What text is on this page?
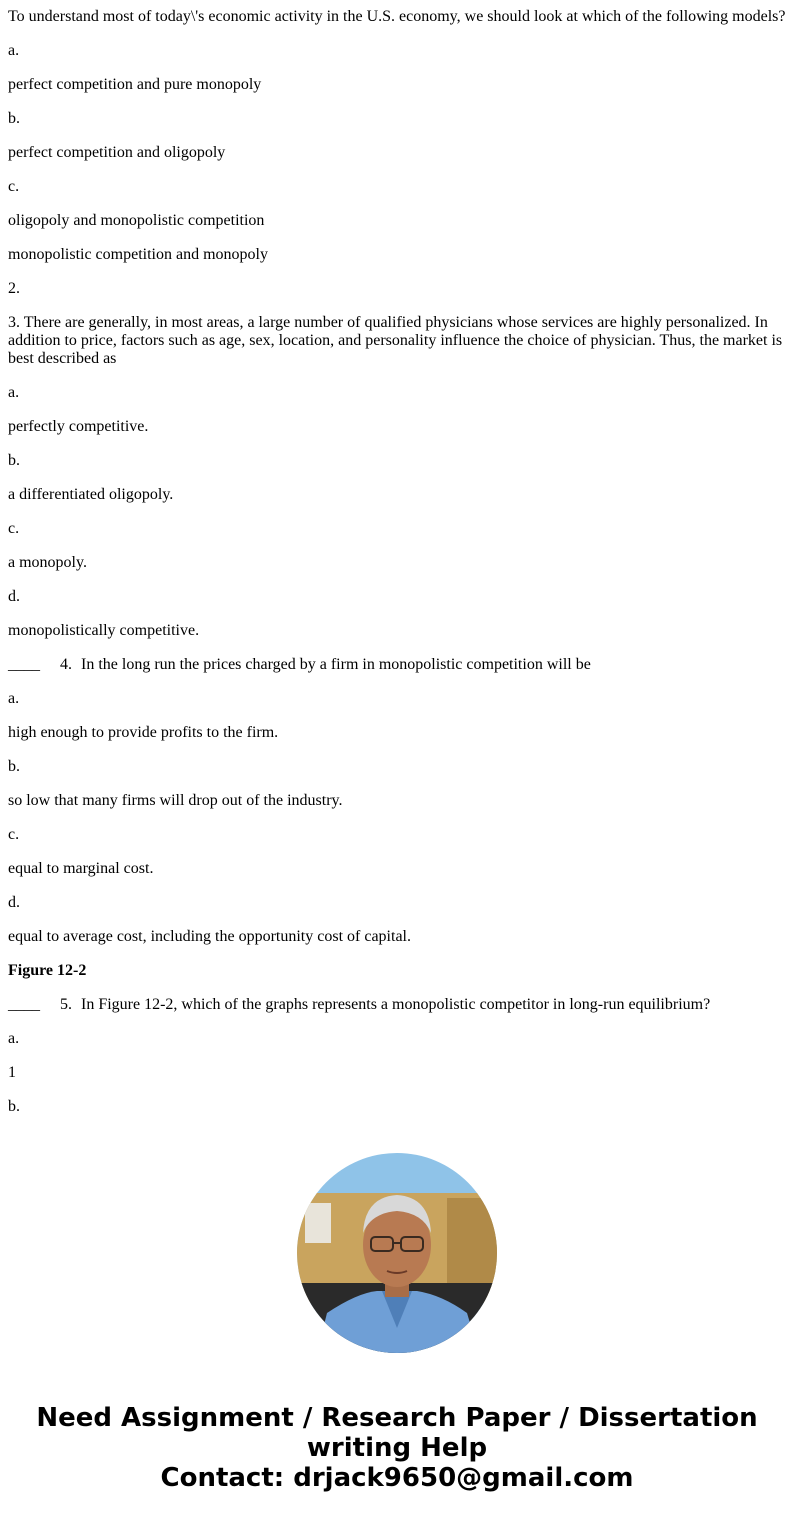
To understand most of today\'s economic activity in the U.S. economy, we should look at which of the following models?

a.

perfect competition and pure monopoly

b.

perfect competition and oligopoly

c.

oligopoly and monopolistic competition

monopolistic competition and monopoly

2.

3. There are generally, in most areas, a large number of qualified physicians whose services are highly personalized. In addition to price, factors such as age, sex, location, and personality influence the choice of physician. Thus, the market is best described as

a.

perfectly competitive.

b.

a differentiated oligopoly.

c.

a monopoly.

d.

monopolistically competitive.

____ 4. In the long run the prices charged by a firm in monopolistic competition will be

a.

high enough to provide profits to the firm.

b.

so low that many firms will drop out of the industry.

c.

equal to marginal cost.

d.

equal to average cost, including the opportunity cost of capital.

Figure 12-2

____ 5. In Figure 12-2, which of the graphs represents a monopolistic competitor in long-run equilibrium?

a.

1

b.

Need Assignment / Research Paper / Dissertation
writing Help
Contact: drjack9650@gmail.com
